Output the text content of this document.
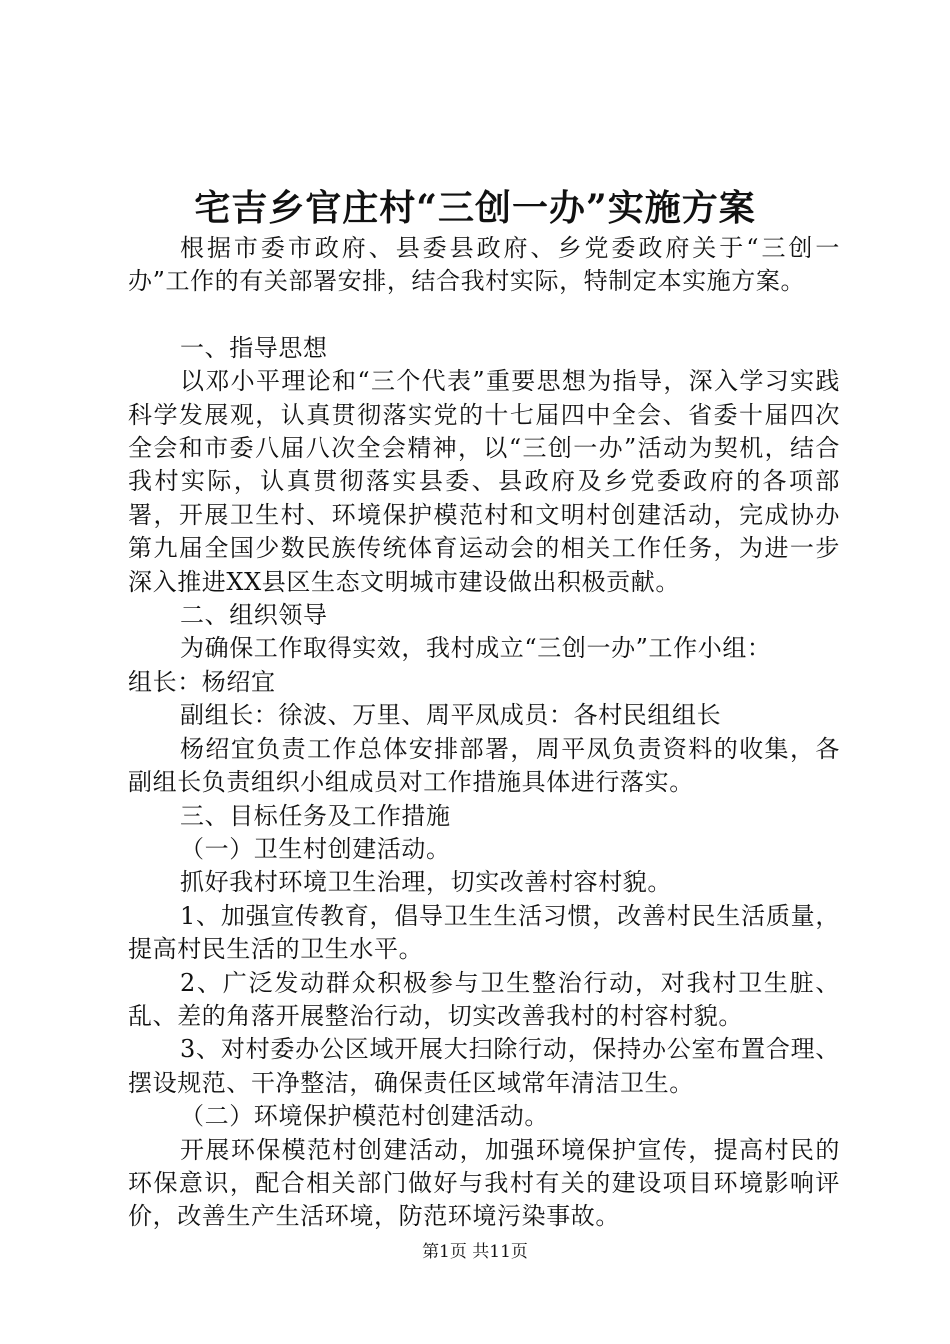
宅吉乡官庄村“三创一办”实施方案

根据市委市政府、县委县政府、乡党委政府关于“三创一办”工作的有关部署安排，结合我村实际，特制定本实施方案。

一、指导思想

以邓小平理论和“三个代表”重要思想为指导，深入学习实践科学发展观，认真贯彻落实党的十七届四中全会、省委十届四次全会和市委八届八次全会精神，以“三创一办”活动为契机，结合我村实际，认真贯彻落实县委、县政府及乡党委政府的各项部署，开展卫生村、环境保护模范村和文明村创建活动，完成协办第九届全国少数民族传统体育运动会的相关工作任务，为进一步深入推进XX县区生态文明城市建设做出积极贡献。

二、组织领导

为确保工作取得实效，我村成立“三创一办”工作小组：

组长：杨绍宜

副组长：徐波、万里、周平凤成员：各村民组组长

杨绍宜负责工作总体安排部署，周平凤负责资料的收集，各副组长负责组织小组成员对工作措施具体进行落实。

三、目标任务及工作措施

（一）卫生村创建活动。

抓好我村环境卫生治理，切实改善村容村貌。

1、加强宣传教育，倡导卫生生活习惯，改善村民生活质量，提高村民生活的卫生水平。

2、广泛发动群众积极参与卫生整治行动，对我村卫生脏、乱、差的角落开展整治行动，切实改善我村的村容村貌。

3、对村委办公区域开展大扫除行动，保持办公室布置合理、摆设规范、干净整洁，确保责任区域常年清洁卫生。

（二）环境保护模范村创建活动。

开展环保模范村创建活动，加强环境保护宣传，提高村民的环保意识，配合相关部门做好与我村有关的建设项目环境影响评价，改善生产生活环境，防范环境污染事故。

第1页 共11页
